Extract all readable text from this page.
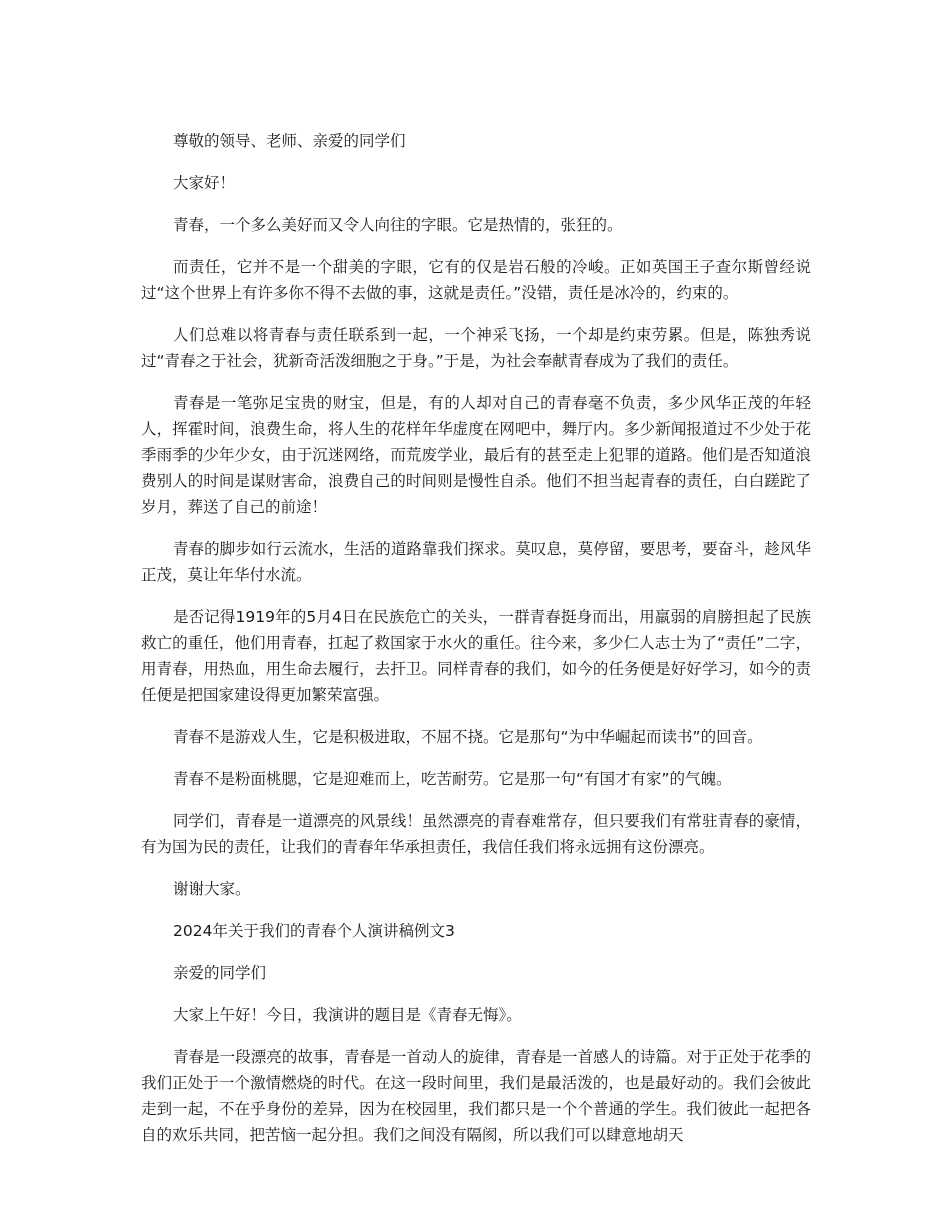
尊敬的领导、老师、亲爱的同学们

大家好！

青春，一个多么美好而又令人向往的字眼。它是热情的，张狂的。

而责任，它并不是一个甜美的字眼，它有的仅是岩石般的冷峻。正如英国王子查尔斯曾经说过“这个世界上有许多你不得不去做的事，这就是责任。”没错，责任是冰冷的，约束的。

人们总难以将青春与责任联系到一起，一个神采飞扬，一个却是约束劳累。但是，陈独秀说过“青春之于社会，犹新奇活泼细胞之于身。”于是，为社会奉献青春成为了我们的责任。

青春是一笔弥足宝贵的财宝，但是，有的人却对自己的青春毫不负责，多少风华正茂的年轻人，挥霍时间，浪费生命，将人生的花样年华虚度在网吧中，舞厅内。多少新闻报道过不少处于花季雨季的少年少女，由于沉迷网络，而荒废学业，最后有的甚至走上犯罪的道路。他们是否知道浪费别人的时间是谋财害命，浪费自己的时间则是慢性自杀。他们不担当起青春的责任，白白蹉跎了岁月，葬送了自己的前途！

青春的脚步如行云流水，生活的道路靠我们探求。莫叹息，莫停留，要思考，要奋斗，趁风华正茂，莫让年华付水流。

是否记得1919年的5月4日在民族危亡的关头，一群青春挺身而出，用羸弱的肩膀担起了民族救亡的重任，他们用青春，扛起了救国家于水火的重任。往今来，多少仁人志士为了“责任”二字，用青春，用热血，用生命去履行，去扞卫。同样青春的我们，如今的任务便是好好学习，如今的责任便是把国家建设得更加繁荣富强。

青春不是游戏人生，它是积极进取，不屈不挠。它是那句“为中华崛起而读书”的回音。

青春不是粉面桃腮，它是迎难而上，吃苦耐劳。它是那一句“有国才有家”的气魄。

同学们，青春是一道漂亮的风景线！虽然漂亮的青春难常存，但只要我们有常驻青春的豪情，有为国为民的责任，让我们的青春年华承担责任，我信任我们将永远拥有这份漂亮。

谢谢大家。

2024年关于我们的青春个人演讲稿例文3

亲爱的同学们

大家上午好！今日，我演讲的题目是《青春无悔》。

青春是一段漂亮的故事，青春是一首动人的旋律，青春是一首感人的诗篇。对于正处于花季的我们正处于一个激情燃烧的时代。在这一段时间里，我们是最活泼的，也是最好动的。我们会彼此走到一起，不在乎身份的差异，因为在校园里，我们都只是一个个普通的学生。我们彼此一起把各自的欢乐共同，把苦恼一起分担。我们之间没有隔阂，所以我们可以肆意地胡天
